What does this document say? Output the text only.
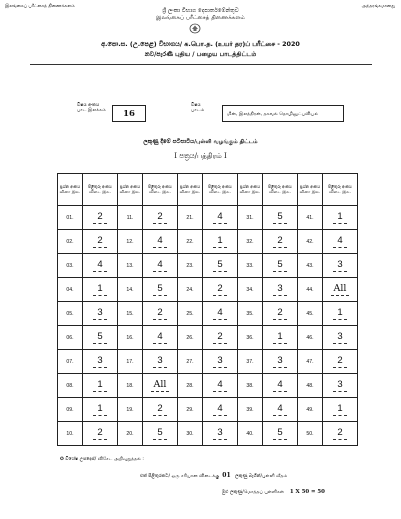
இலங்கைப் பரீட்சைத் திணைக்களம்	அந்தரங்கமானது
ශ්‍රී ලංකා විභාග දෙපාර්තමේන්තුව
இலங்கைப் பரீட்சைத் திணைக்களம்
අ.පො.ස. (උ.පෙළ) විභාගය/ க.பொ.த. (உயர் தர)ப் பரீட்சை - 2020
නව/පැරණි புதிய / பழைய பாடத்திட்டம்
විෂය අංකය
பாட இலக்கம் 16
විෂය
பாடம்
மின், இலத்திரன், தகவல் தொழினுட்பவியல்
ලකුණු දීමේ පටිපාටිය/புள்ளி வழங்கும் திட்டம்
I පත්‍රය/பத்திரம் I
ප්‍රශ්න අංකය வினா இல.	පිළිතුරු අංකය விடை இல.	ප්‍රශ්න අංකය வினா இல.	පිළිතුරු අංකය விடை இல.	ප්‍රශ්න අංකය வினா இல.	පිළිතුරු අංකය விடை இல.	ප්‍රශ්න අංකය வினா இல.	පිළිතුරු අංකය விடை இல.	ප්‍රශ්න අංකය வினா இல.	පිළිතුරු අංකය விடை இல.
01.	2	11.	2	21.	4	31.	5	41.	1
02.	2	12.	4	22.	1	32.	2	42.	4
03.	4	13.	4	23.	5	33.	5	43.	3
04.	1	14.	5	24.	2	34.	3	44.	All
05.	3	15.	2	25.	4	35.	2	45.	1
06.	5	16.	4	26.	2	36.	1	46.	3
07.	3	17.	3	27.	3	37.	3	47.	2
08.	1	18.	All	28.	4	38.	4	48.	3
09.	1	19.	2	29.	4	39.	4	49.	1
10.	2	20.	5	30.	3	40.	5	50.	2
✪ විශේෂ උපදෙස්/ விசேட அறிவுறுத்தல் :
එක් පිළිතුරකට/ ஒரு சரியான விடைக்கு 01 ලකුණු බැගින්/புள்ளி வீதம்
මුළු ලකුණු/மொத்தப் புள்ளிகள் 1 X 50 = 50
